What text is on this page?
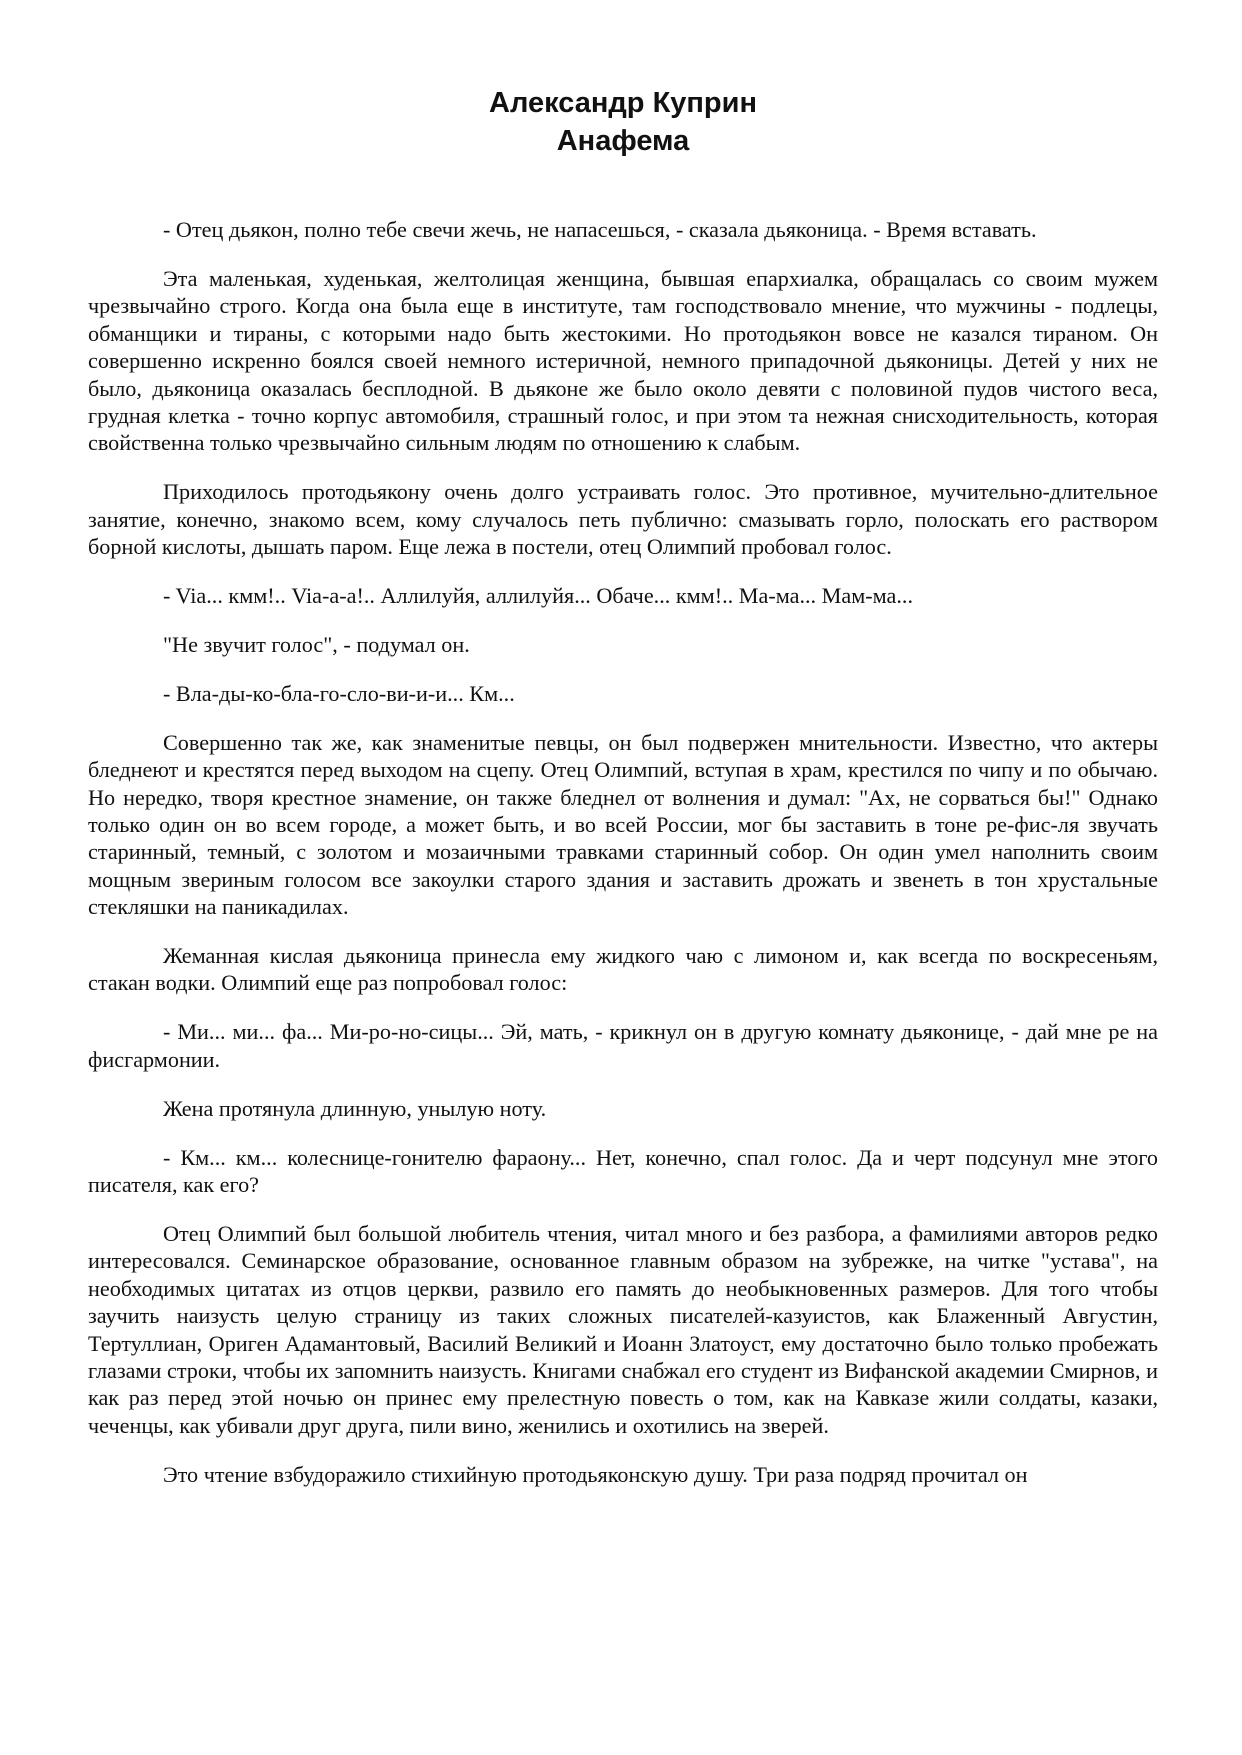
Александр Куприн
Анафема

- Отец дьякон, полно тебе свечи жечь, не напасешься, - сказала дьяконица. - Время вставать.

Эта маленькая, худенькая, желтолицая женщина, бывшая епархиалка, обращалась со своим мужем чрезвычайно строго. Когда она была еще в институте, там господствовало мнение, что мужчины - подлецы, обманщики и тираны, с которыми надо быть жестокими. Но протодьякон вовсе не казался тираном. Он совершенно искренно боялся своей немного истеричной, немного припадочной дьяконицы. Детей у них не было, дьяконица оказалась бесплодной. В дьяконе же было около девяти с половиной пудов чистого веса, грудная клетка - точно корпус автомобиля, страшный голос, и при этом та нежная снисходительность, которая свойственна только чрезвычайно сильным людям по отношению к слабым.

Приходилось протодьякону очень долго устраивать голос. Это противное, мучительно-длительное занятие, конечно, знакомо всем, кому случалось петь публично: смазывать горло, полоскать его раствором борной кислоты, дышать паром. Еще лежа в постели, отец Олимпий пробовал голос.

- Via... кмм!.. Via-а-а!.. Аллилуйя, аллилуйя... Обаче... кмм!.. Ма-ма... Мам-ма...

"Не звучит голос", - подумал он.

- Вла-ды-ко-бла-го-сло-ви-и-и... Км...

Совершенно так же, как знаменитые певцы, он был подвержен мнительности. Известно, что актеры бледнеют и крестятся перед выходом на сцепу. Отец Олимпий, вступая в храм, крестился по чипу и по обычаю. Но нередко, творя крестное знамение, он также бледнел от волнения и думал: "Ах, не сорваться бы!" Однако только один он во всем городе, а может быть, и во всей России, мог бы заставить в тоне ре-фис-ля звучать старинный, темный, с золотом и мозаичными травками старинный собор. Он один умел наполнить своим мощным звериным голосом все закоулки старого здания и заставить дрожать и звенеть в тон хрустальные стекляшки на паникадилах.

Жеманная кислая дьяконица принесла ему жидкого чаю с лимоном и, как всегда по воскресеньям, стакан водки. Олимпий еще раз попробовал голос:

- Ми... ми... фа... Ми-ро-но-сицы... Эй, мать, - крикнул он в другую комнату дьяконице, - дай мне ре на фисгармонии.

Жена протянула длинную, унылую ноту.

- Км... км... колеснице-гонителю фараону... Нет, конечно, спал голос. Да и черт подсунул мне этого писателя, как его?

Отец Олимпий был большой любитель чтения, читал много и без разбора, а фамилиями авторов редко интересовался. Семинарское образование, основанное главным образом на зубрежке, на читке "устава", на необходимых цитатах из отцов церкви, развило его память до необыкновенных размеров. Для того чтобы заучить наизусть целую страницу из таких сложных писателей-казуистов, как Блаженный Августин, Тертуллиан, Ориген Адамантовый, Василий Великий и Иоанн Златоуст, ему достаточно было только пробежать глазами строки, чтобы их запомнить наизусть. Книгами снабжал его студент из Вифанской академии Смирнов, и как раз перед этой ночью он принес ему прелестную повесть о том, как на Кавказе жили солдаты, казаки, чеченцы, как убивали друг друга, пили вино, женились и охотились на зверей.

Это чтение взбудоражило стихийную протодьяконскую душу. Три раза подряд прочитал он
